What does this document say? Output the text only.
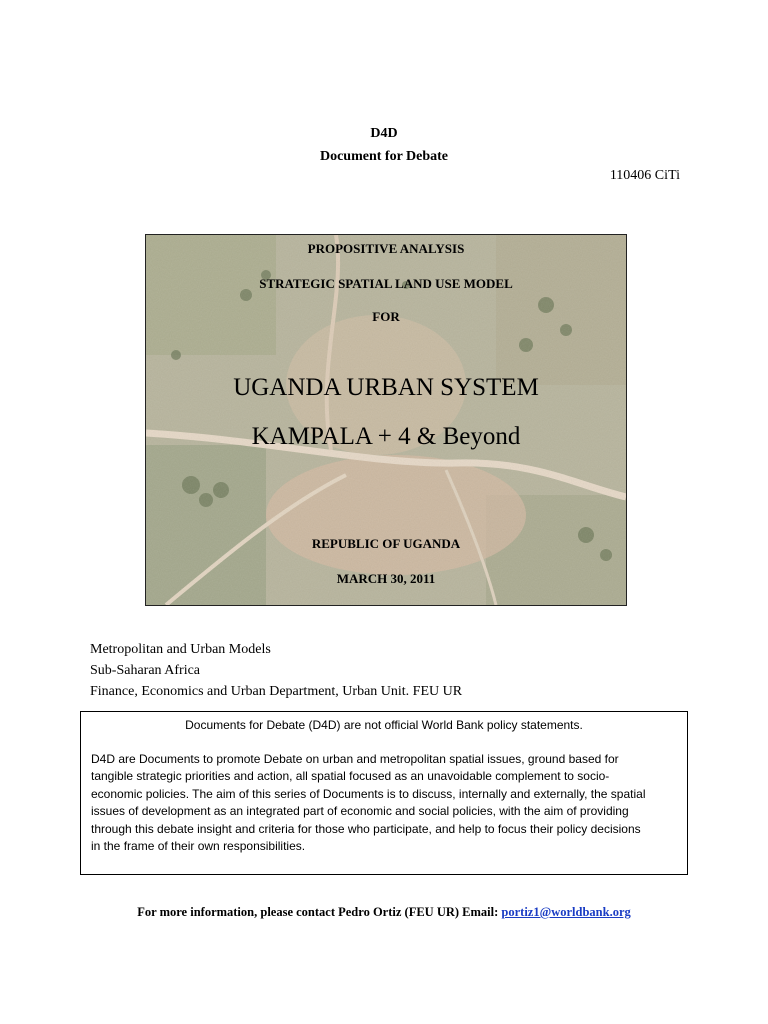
D4D
Document for Debate
110406 CiTi
PROPOSITIVE ANALYSIS
STRATEGIC SPATIAL LAND USE MODEL
FOR
UGANDA URBAN SYSTEM
KAMPALA + 4 & Beyond
REPUBLIC OF UGANDA
MARCH 30, 2011
Metropolitan and Urban Models
Sub-Saharan Africa
Finance, Economics and Urban Department, Urban Unit. FEU UR
Documents for Debate (D4D) are not official World Bank policy statements.
D4D are Documents to promote Debate on urban and metropolitan spatial issues, ground based for
tangible strategic priorities and action, all spatial focused as an unavoidable complement to socio-
economic policies. The aim of this series of Documents is to discuss, internally and externally, the spatial
issues of development as an integrated part of economic and social policies, with the aim of providing
through this debate insight and criteria for those who participate, and help to focus their policy decisions
in the frame of their own responsibilities.
For more information, please contact Pedro Ortiz (FEU UR) Email: portiz1@worldbank.org
